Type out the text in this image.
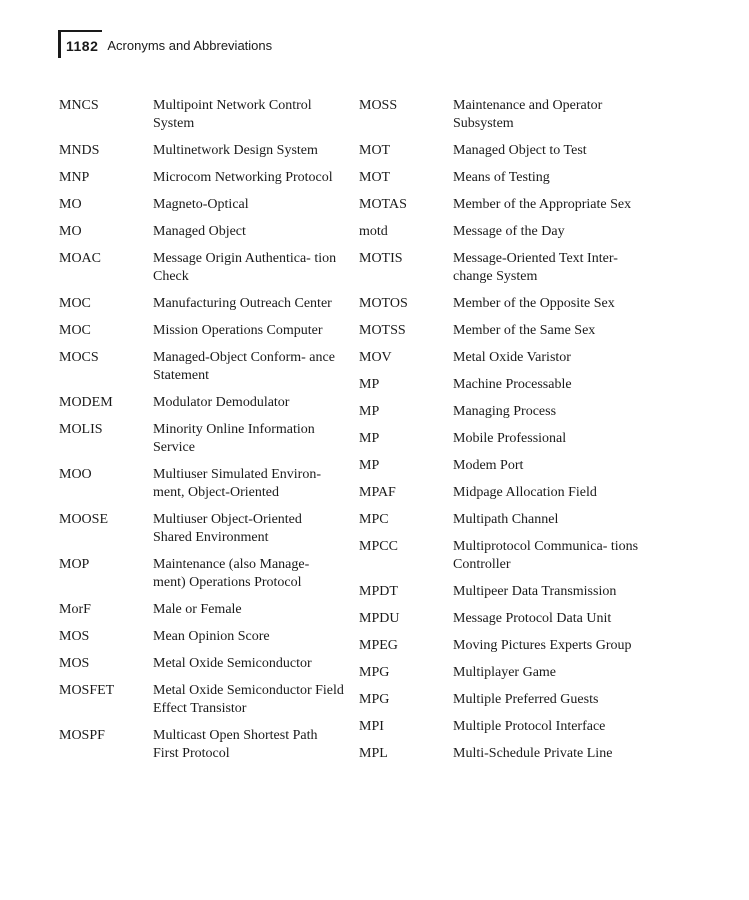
1182 Acronyms and Abbreviations
MNCS	Multipoint Network Control System
MNDS	Multinetwork Design System
MNP	Microcom Networking Protocol
MO	Magneto-Optical
MO	Managed Object
MOAC	Message Origin Authentica- tion Check
MOC	Manufacturing Outreach Center
MOC	Mission Operations Computer
MOCS	Managed-Object Conform- ance Statement
MODEM	Modulator Demodulator
MOLIS	Minority Online Information Service
MOO	Multiuser Simulated Environ- ment, Object-Oriented
MOOSE	Multiuser Object-Oriented Shared Environment
MOP	Maintenance (also Manage- ment) Operations Protocol
MorF	Male or Female
MOS	Mean Opinion Score
MOS	Metal Oxide Semiconductor
MOSFET	Metal Oxide Semiconductor Field Effect Transistor
MOSPF	Multicast Open Shortest Path First Protocol
MOSS	Maintenance and Operator Subsystem
MOT	Managed Object to Test
MOT	Means of Testing
MOTAS	Member of the Appropriate Sex
motd	Message of the Day
MOTIS	Message-Oriented Text Inter- change System
MOTOS	Member of the Opposite Sex
MOTSS	Member of the Same Sex
MOV	Metal Oxide Varistor
MP	Machine Processable
MP	Managing Process
MP	Mobile Professional
MP	Modem Port
MPAF	Midpage Allocation Field
MPC	Multipath Channel
MPCC	Multiprotocol Communica- tions Controller
MPDT	Multipeer Data Transmission
MPDU	Message Protocol Data Unit
MPEG	Moving Pictures Experts Group
MPG	Multiplayer Game
MPG	Multiple Preferred Guests
MPI	Multiple Protocol Interface
MPL	Multi-Schedule Private Line
